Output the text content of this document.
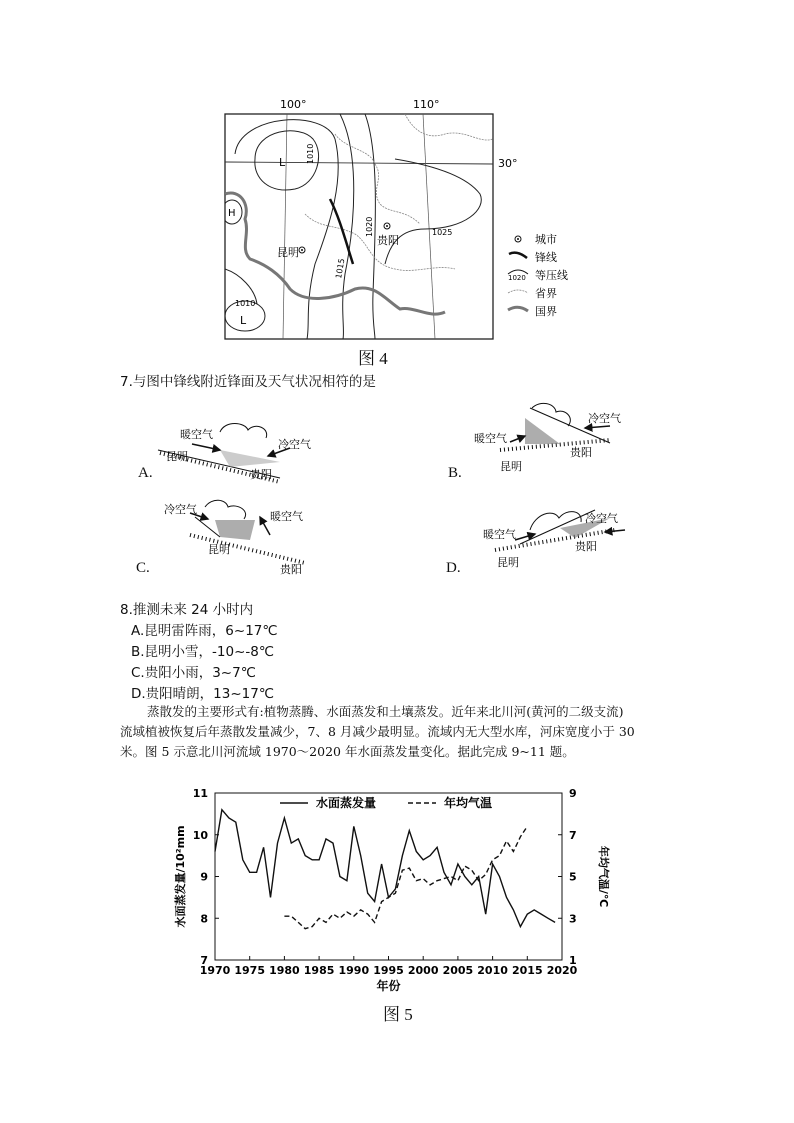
100°	110°
30°
L
H
L
1010
1010
1020
1015
1025
昆明
贵阳	城市
锋线
1020 等压线
省界
国界
图 4
7.与图中锋线附近锋面及天气状况相符的是
暖空气
冷空气
昆明
贵阳
A.
暖空气
冷空气
昆明
贵阳
B.
冷空气
暖空气
昆明
贵阳
C.
暖空气
冷空气
昆明
贵阳
D.
8.推测未来 24 小时内
A.昆明雷阵雨，6~17℃
B.昆明小雪，-10~-8℃
C.贵阳小雨，3~7℃
D.贵阳晴朗，13~17℃
蒸散发的主要形式有:植物蒸腾、水面蒸发和土壤蒸发。近年来北川河(黄河的二级支流)
流域植被恢复后年蒸散发量减少，7、8 月减少最明显。流域内无大型水库，河床宽度小于 30
米。图 5 示意北川河流域 1970～2020 年水面蒸发量变化。据此完成 9~11 题。
1970 1975 1980 1985 1990 1995 2000 2005 2010 2015 2020
7
8
9
10
11
1
3
5
7
9
年份
水面蒸发量/10²mm	年均气温/℃
水面蒸发量	年均气温
图 5
